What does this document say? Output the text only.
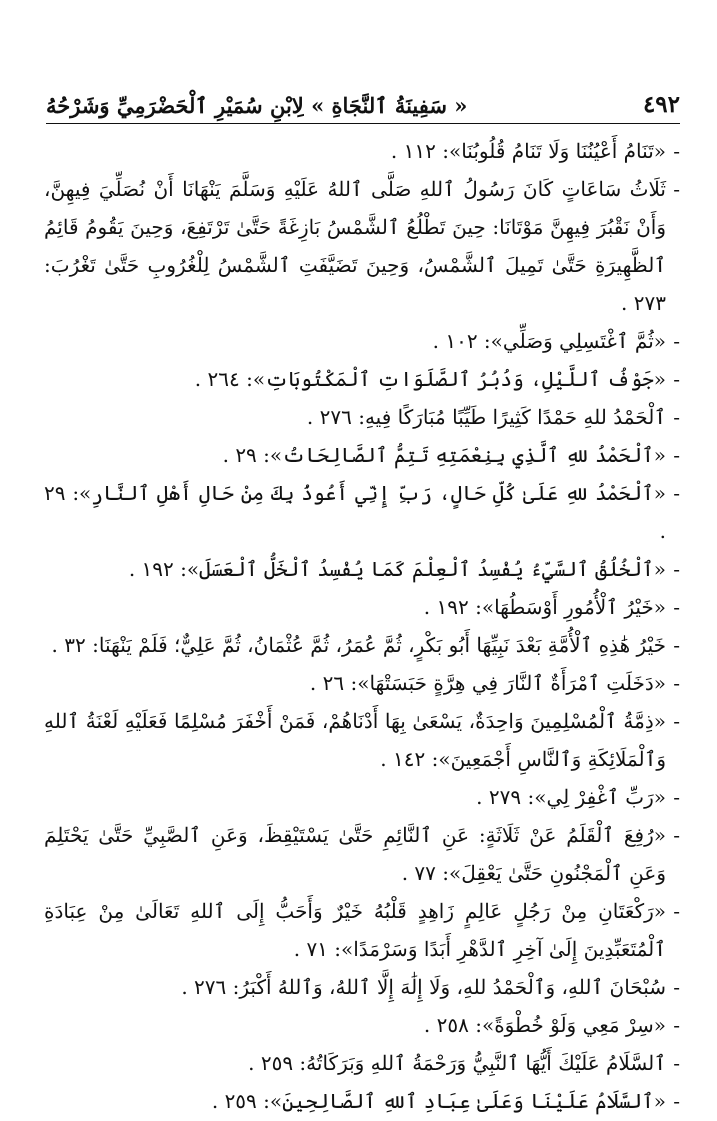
٤٩٢
« سَفِينَةُ ٱلنَّجَاةِ » لِابْنِ سُمَيْرِ ٱلْحَضْرَمِيِّ وَشَرْحُهُ
-«تَنَامُ أَعْيُنُنَا وَلَا تَنَامُ قُلُوبُنَا»: ١١٢ .
-ثَلَاثُ سَاعَاتٍ كَانَ رَسُولُ ٱللهِ صَلَّى ٱللهُ عَلَيْهِ وَسَلَّمَ يَنْهَانَا أَنْ نُصَلِّيَ فِيهِنَّ، وَأَنْ نَقْبُرَ فِيهِنَّ مَوْتَانَا: حِينَ تَطْلُعُ ٱلشَّمْسُ بَازِغَةً حَتَّىٰ تَرْتَفِعَ، وَحِينَ يَقُومُ قَائِمُ ٱلظَّهِيرَةِ حَتَّىٰ تَمِيلَ ٱلشَّمْسُ، وَحِينَ تَضَيَّفَتِ ٱلشَّمْسُ لِلْغُرُوبِ حَتَّىٰ تَغْرُبَ: ٢٧٣ .
-«ثُمَّ ٱغْتَسِلِي وَصَلِّي»: ١٠٢ .
-«جَوْفُ ٱللَّيْلِ، وَدُبُرُ ٱلصَّلَوَاتِ ٱلْمَكْتُوبَاتِ»: ٢٦٤ .
-ٱلْحَمْدُ للهِ حَمْدًا كَثِيرًا طَيِّبًا مُبَارَكًا فِيهِ: ٢٧٦ .
-«ٱلْحَمْدُ للهِ ٱلَّذِي بِنِعْمَتِهِ تَتِمُّ ٱلصَّالِحَاتُ»: ٢٩ .
-«ٱلْحَمْدُ للهِ عَلَىٰ كُلِّ حَالٍ، رَبِّ إِنِّي أَعُوذُ بِكَ مِنْ حَالِ أَهْلِ ٱلنَّارِ»: ٢٩ .
-«ٱلْخُلُقُ ٱلسَّيِّءُ يُفْسِدُ ٱلْعِلْمَ كَمَا يُفْسِدُ ٱلْخَلُّ ٱلْعَسَلَ»: ١٩٢ .
-«خَيْرُ ٱلْأُمُورِ أَوْسَطُهَا»: ١٩٢ .
-خَيْرُ هَٰذِهِ ٱلْأُمَّةِ بَعْدَ نَبِيِّهَا أَبُو بَكْرٍ، ثُمَّ عُمَرُ، ثُمَّ عُثْمَانُ، ثُمَّ عَلِيٌّ؛ فَلَمْ يَنْهَنَا: ٣٢ .
-«دَخَلَتِ ٱمْرَأَةٌ ٱلنَّارَ فِي هِرَّةٍ حَبَسَتْهَا»: ٢٦ .
-«ذِمَّةُ ٱلْمُسْلِمِينَ وَاحِدَةٌ، يَسْعَىٰ بِهَا أَدْنَاهُمْ، فَمَنْ أَخْفَرَ مُسْلِمًا فَعَلَيْهِ لَعْنَةُ ٱللهِ وَٱلْمَلَائِكَةِ وَٱلنَّاسِ أَجْمَعِينَ»: ١٤٢ .
-«رَبِّ ٱغْفِرْ لِي»: ٢٧٩ .
-«رُفِعَ ٱلْقَلَمُ عَنْ ثَلَاثَةٍ: عَنِ ٱلنَّائِمِ حَتَّىٰ يَسْتَيْقِظَ، وَعَنِ ٱلصَّبِيِّ حَتَّىٰ يَحْتَلِمَ وَعَنِ ٱلْمَجْنُونِ حَتَّىٰ يَعْقِلَ»: ٧٧ .
-«رَكْعَتَانِ مِنْ رَجُلٍ عَالِمٍ زَاهِدٍ قَلْبُهُ خَيْرٌ وَأَحَبُّ إِلَى ٱللهِ تَعَالَىٰ مِنْ عِبَادَةِ ٱلْمُتَعَبِّدِينَ إِلَىٰ آخِرِ ٱلدَّهْرِ أَبَدًا وَسَرْمَدًا»: ٧١ .
-سُبْحَانَ ٱللهِ، وَٱلْحَمْدُ للهِ، وَلَا إِلَٰهَ إِلَّا ٱللهُ، وَٱللهُ أَكْبَرُ: ٢٧٦ .
-«سِرْ مَعِي وَلَوْ خُطْوَةً»: ٢٥٨ .
-ٱلسَّلَامُ عَلَيْكَ أَيُّهَا ٱلنَّبِيُّ وَرَحْمَةُ ٱللهِ وَبَرَكَاتُهُ: ٢٥٩ .
-«ٱلسَّلَامُ عَلَيْنَا وَعَلَىٰ عِبَادِ ٱللهِ ٱلصَّالِحِينَ»: ٢٥٩ .
